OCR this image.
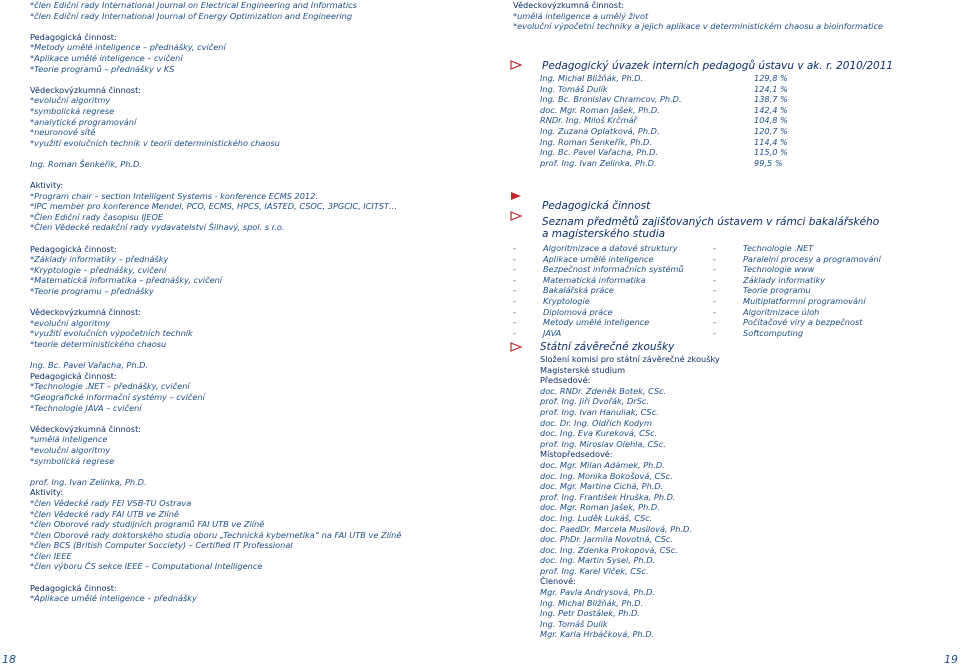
*člen Ediční rady International Journal on Electrical Engineering and Informatics
*člen Ediční rady International Journal of Energy Optimization and Engineering
Pedagogická činnost:
*Metody umělé inteligence – přednášky, cvičení
*Aplikace umělé inteligence – cvičení
*Teorie programů – přednášky v KS
Vědeckovýzkumná činnost:
*evoluční algoritmy
*symbolická regrese
*analytické programování
*neuronové sítě
*využití evolučních technik v teorii deterministického chaosu
Ing. Roman Šenkeřík, Ph.D.
Aktivity:
*Program chair – section Intelligent Systems - konference ECMS 2012.
*IPC member pro konference Mendel, PCO, ECMS, HPCS, IASTED, CSOC, 3PGCIC, ICITST…
*Člen Ediční rady časopisu IJEOE
*Člen Vědecké redakční rady vydavatelství Šilhavý, spol. s r.o.
Pedagogická činnost:
*Základy informatiky – přednášky
*Kryptologie – přednášky, cvičení
*Matematická informatika – přednášky, cvičení
*Teorie programu – přednášky
Vědeckovýzkumná činnost:
*evoluční algoritmy
*využití evolučních výpočetních technik
*teorie deterministického chaosu
Ing. Bc. Pavel Vařacha, Ph.D.
Pedagogická činnost:
*Technologie .NET – přednášky, cvičení
*Geografické informační systémy – cvičení
*Technologie JAVA – cvičení
Vědeckovýzkumná činnost:
*umělá inteligence
*evoluční algoritmy
*symbolická regrese
prof. Ing. Ivan Zelinka, Ph.D.
Aktivity:
*člen Vědecké rady FEI VSB-TU Ostrava
*člen Vědecké rady FAI UTB ve Zlíně
*člen Oborové rady studijních programů FAI UTB ve Zlíně
*člen Oborové rady doktorského studia oboru „Technická kybernetika“ na FAI UTB ve Zlíně
*člen BCS (British Computer Socciety) – Certified IT Professional
*člen IEEE
*člen výboru ČS sekce IEEE – Computational Intelligence
Pedagogická činnost:
*Aplikace umělé inteligence – přednášky
18
Vědeckovýzkumná činnost:
*umělá inteligence a umělý život
*evoluční výpočetní techniky a jejich aplikace v deterministickém chaosu a bioinformatice
Pedagogický úvazek interních pedagogů ústavu v ak. r. 2010/2011
Ing. Michal Bližňák, Ph.D.	129,8 %
Ing. Tomáš Dulík	124,1 %
Ing. Bc. Bronislav Chramcov, Ph.D.	138,7 %
doc. Mgr. Roman Jašek, Ph.D.	142,4 %
RNDr. Ing. Miloš Krčmář	104,8 %
Ing. Zuzana Oplatková, Ph.D.	120,7 %
Ing. Roman Šenkeřík, Ph.D.	114,4 %
Ing. Bc. Pavel Vařacha, Ph.D.	115,0 %
prof. Ing. Ivan Zelinka, Ph.D.	99,5 %
Pedagogická činnost
Seznam předmětů zajišťovaných ústavem v rámci bakalářského a magisterského studia
-	Algoritmizace a datové struktury	-	Technologie .NET
-	Aplikace umělé inteligence	-	Paralelní procesy a programování
-	Bezpečnost informačních systémů	-	Technologie www
-	Matematická informatika	-	Základy informatiky
-	Bakalářská práce	-	Teorie programu
-	Kryptologie	-	Multiplatformní programování
-	Diplomová práce	-	Algoritmizace úloh
-	Metody umělé inteligence	-	Počítačové viry a bezpečnost
-	JAVA	-	Softcomputing
Státní závěrečné zkoušky
Složení komisí pro státní závěrečné zkoušky
Magisterské studium
Předsedové:
doc. RNDr. Zdeněk Botek, CSc.
prof. Ing. Jiří Dvořák, DrSc.
prof. Ing. Ivan Hanuliak, CSc.
doc. Dr. Ing. Oldřich Kodym
doc. Ing. Eva Kureková, CSc.
prof. Ing. Miroslav Olehla, CSc.
Místopředsedové:
doc. Mgr. Milan Adámek, Ph.D.
doc. Ing. Monika Bokošová, CSc.
doc. Mgr. Martina Cichá, Ph.D.
prof. Ing. František Hruška, Ph.D.
doc. Mgr. Roman Jašek, Ph.D.
doc. Ing. Luděk Lukáš, CSc.
doc. PaedDr. Marcela Musilová, Ph.D.
doc. PhDr. Jarmila Novotná, CSc.
doc. Ing. Zdenka Prokopová, CSc.
doc. Ing. Martin Sysel, Ph.D.
prof. Ing. Karel Vlček, CSc.
Členové:
Mgr. Pavla Andrysová, Ph.D.
Ing. Michal Bližňák, Ph.D.
Ing. Petr Dostálek, Ph.D.
Ing. Tomáš Dulík
Mgr. Karla Hrbáčková, Ph.D.
19
